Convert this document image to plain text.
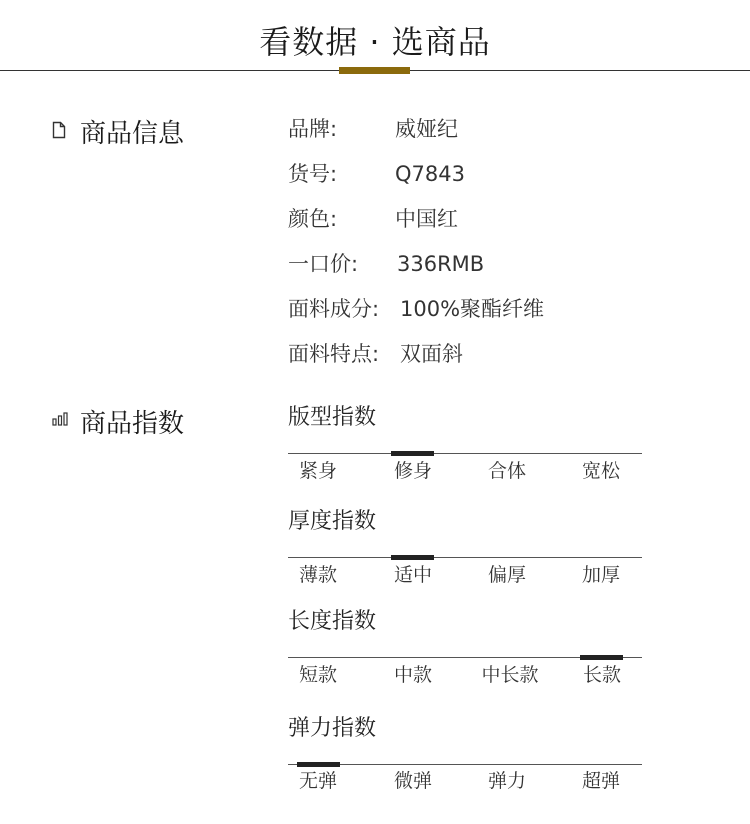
看数据 · 选商品
商品信息	品牌:	威娅纪
货号:	Q7843
颜色:	中国红
一口价: 336RMB
面料成分: 100%聚酯纤维
面料特点: 双面斜
商品指数	版型指数
紧身	修身	合体	宽松
厚度指数
薄款	适中	偏厚	加厚
长度指数
短款	中款	中长款	长款
弹力指数
无弹	微弹	弹力	超弹
